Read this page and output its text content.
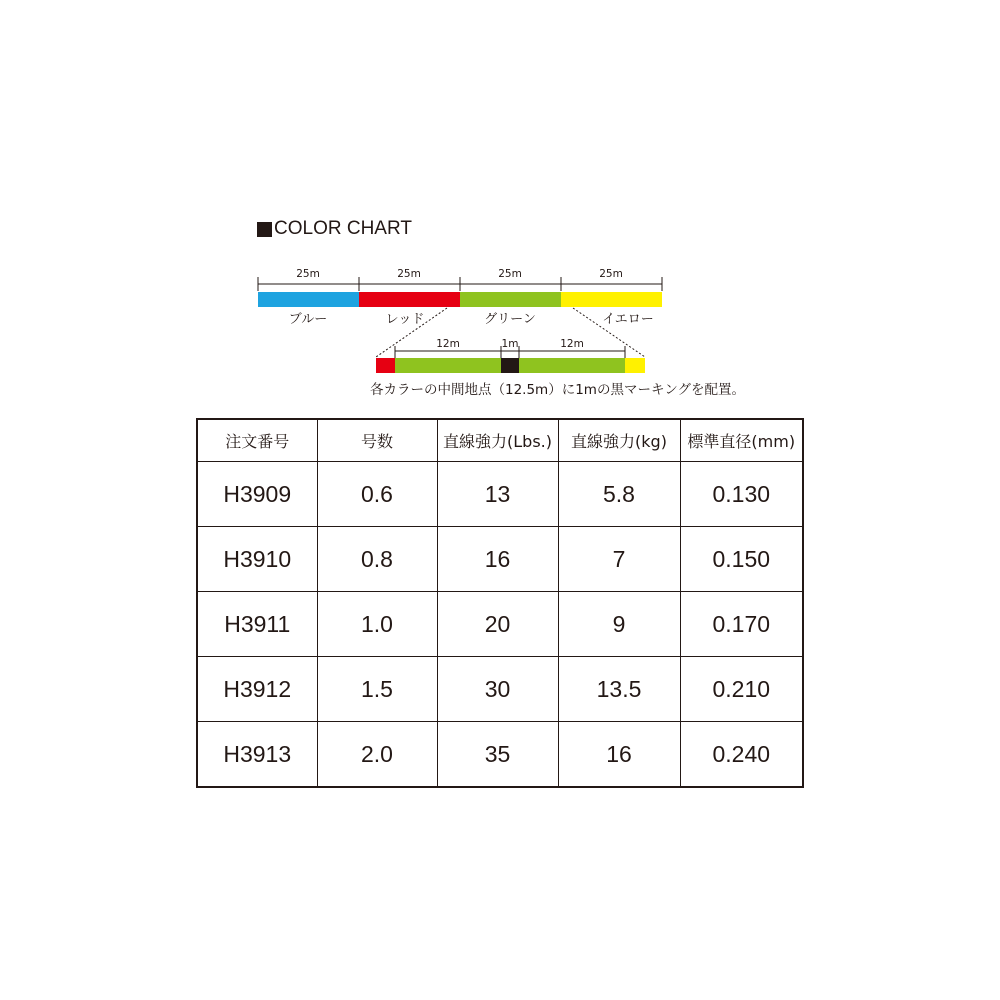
COLOR CHART
25m	25m	25m	25m
ブルー	レッド	グリーン	イエロー
12m	1m	12m
各カラーの中間地点（12.5m）に1mの黒マーキングを配置。
注文番号	号数	直線強力(Lbs.)	直線強力(kg)	標準直径(mm)
H3909	0.6	13	5.8	0.130
H3910	0.8	16	7	0.150
H3911	1.0	20	9	0.170
H3912	1.5	30	13.5	0.210
H3913	2.0	35	16	0.240
